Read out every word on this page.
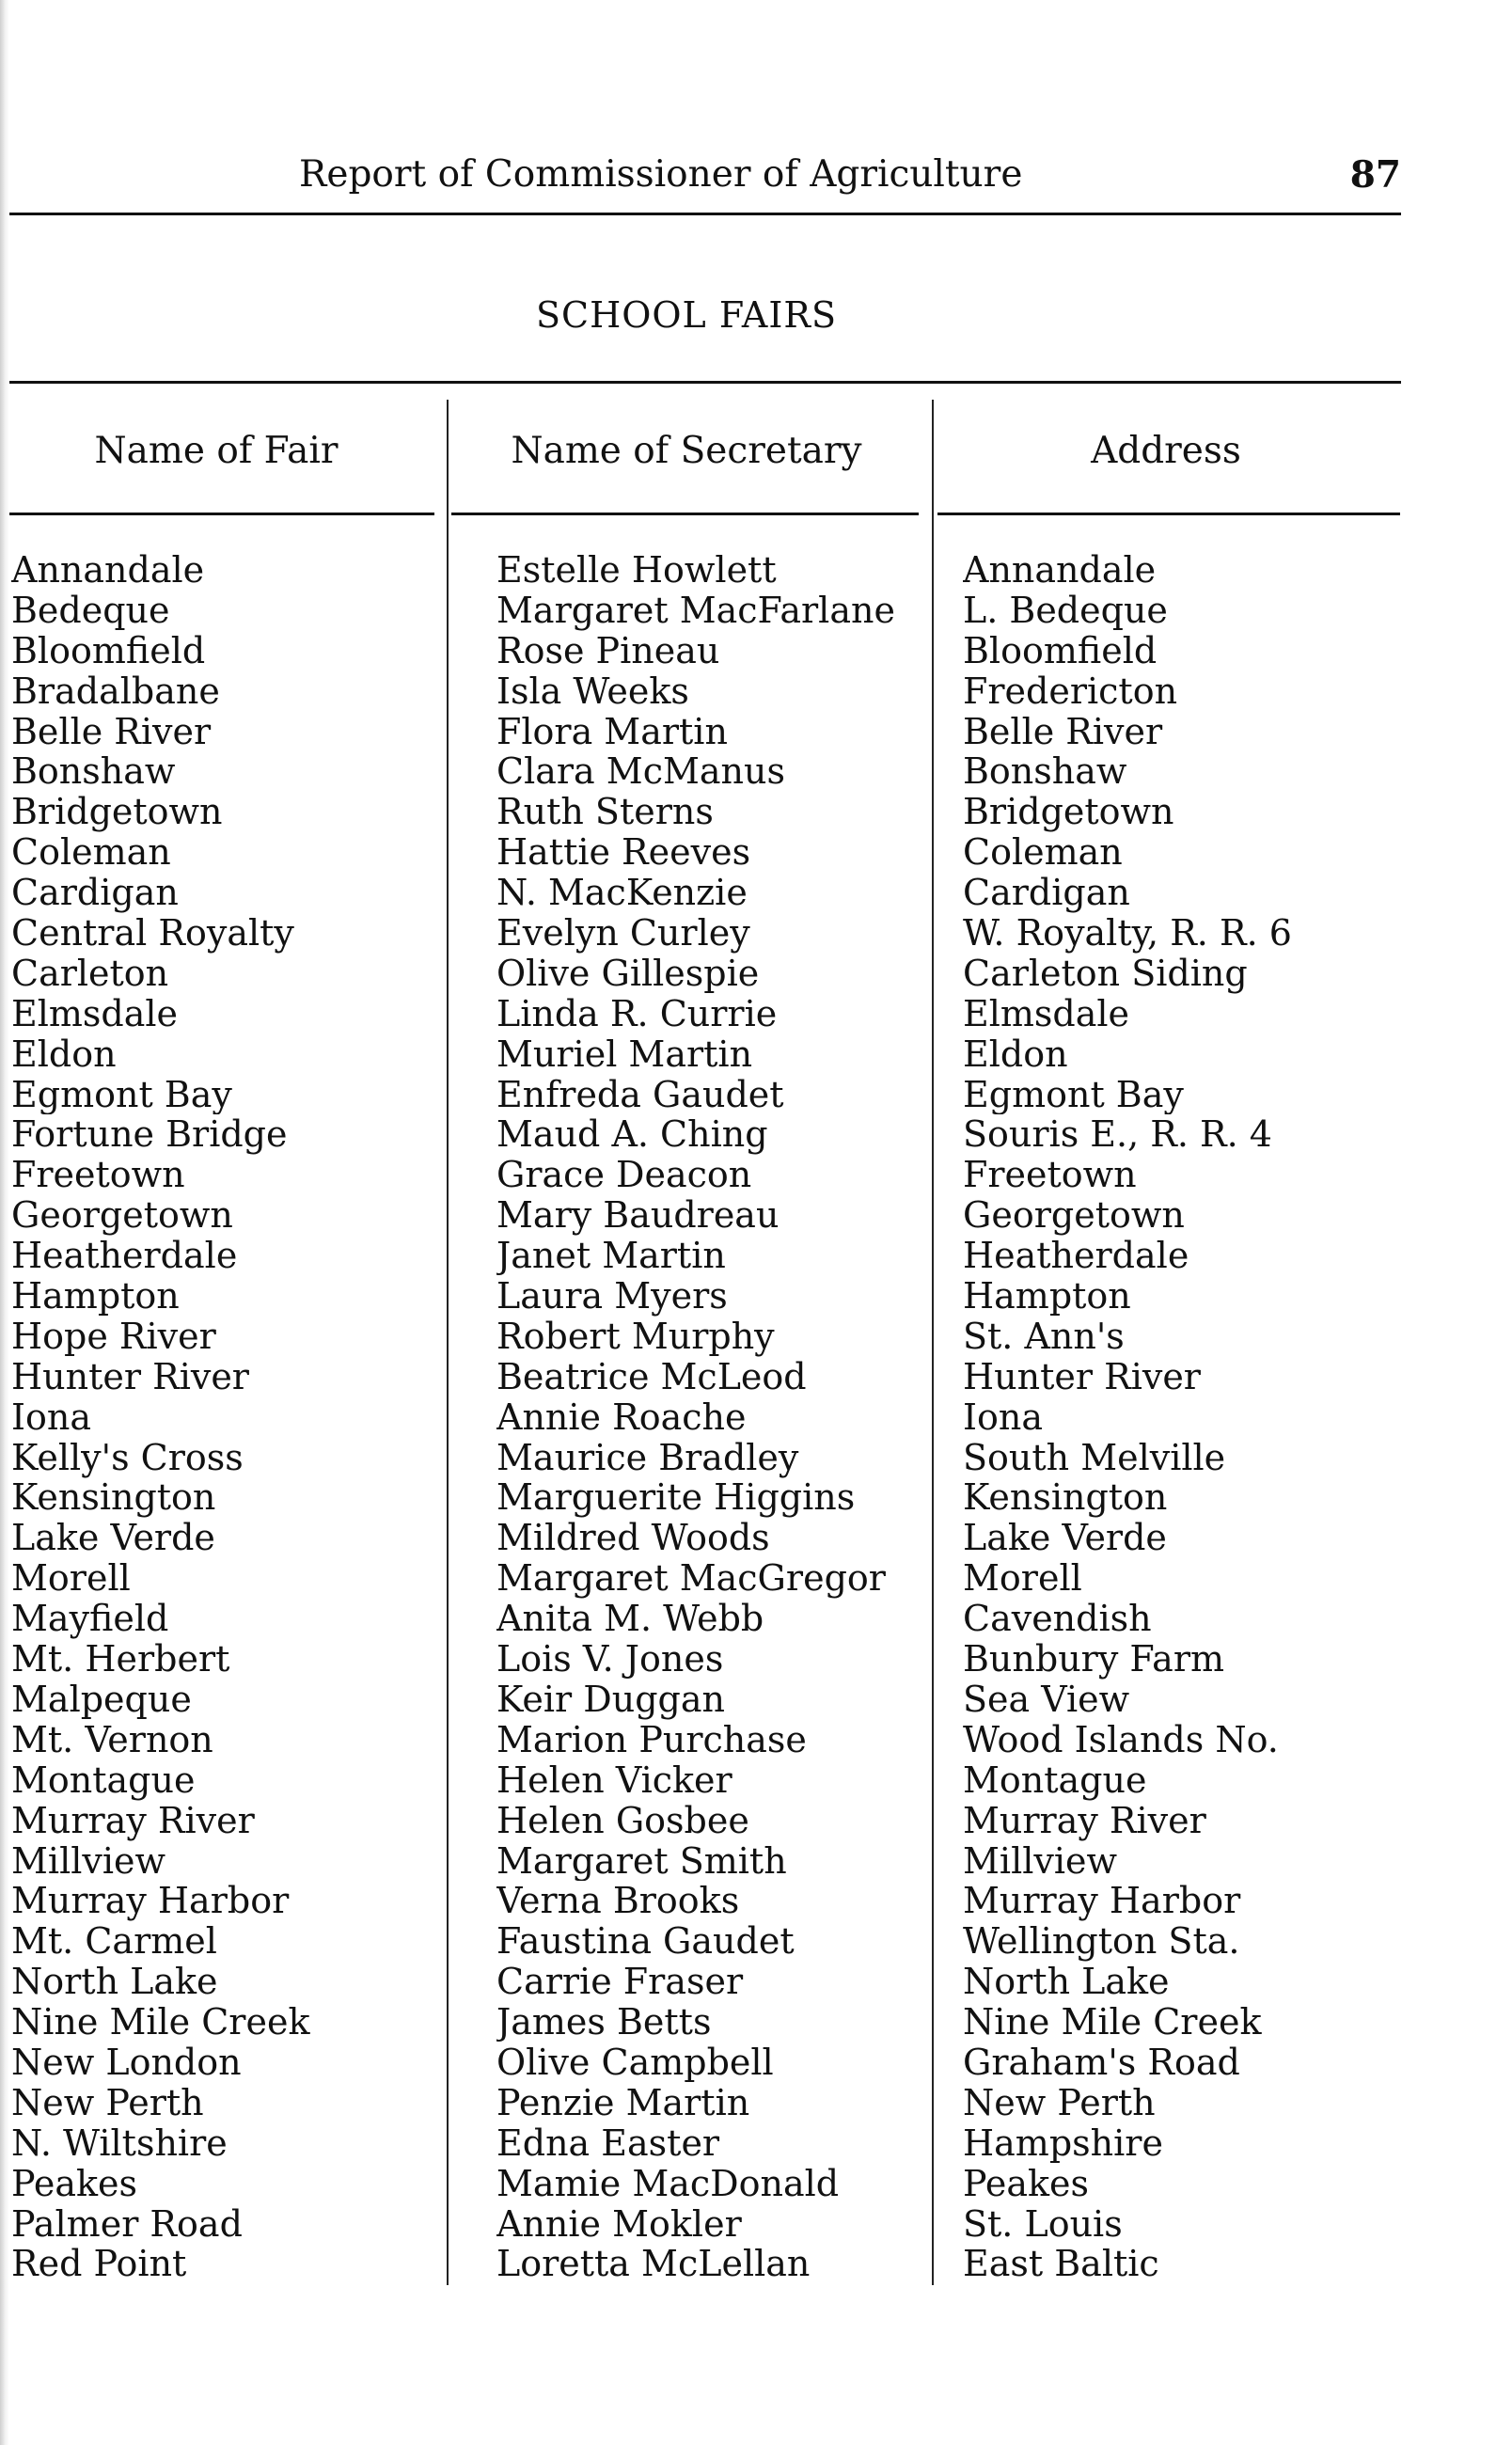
Report of Commissioner of Agriculture	87
SCHOOL FAIRS
Name of Fair	Name of Secretary	Address
Annandale	Estelle Howlett	Annandale
Bedeque	Margaret MacFarlane	L. Bedeque
Bloomfield	Rose Pineau	Bloomfield
Bradalbane	Isla Weeks	Fredericton
Belle River	Flora Martin	Belle River
Bonshaw	Clara McManus	Bonshaw
Bridgetown	Ruth Sterns	Bridgetown
Coleman	Hattie Reeves	Coleman
Cardigan	N. MacKenzie	Cardigan
Central Royalty	Evelyn Curley	W. Royalty, R. R. 6
Carleton	Olive Gillespie	Carleton Siding
Elmsdale	Linda R. Currie	Elmsdale
Eldon	Muriel Martin	Eldon
Egmont Bay	Enfreda Gaudet	Egmont Bay
Fortune Bridge	Maud A. Ching	Souris E., R. R. 4
Freetown	Grace Deacon	Freetown
Georgetown	Mary Baudreau	Georgetown
Heatherdale	Janet Martin	Heatherdale
Hampton	Laura Myers	Hampton
Hope River	Robert Murphy	St. Ann's
Hunter River	Beatrice McLeod	Hunter River
Iona	Annie Roache	Iona
Kelly's Cross	Maurice Bradley	South Melville
Kensington	Marguerite Higgins	Kensington
Lake Verde	Mildred Woods	Lake Verde
Morell	Margaret MacGregor	Morell
Mayfield	Anita M. Webb	Cavendish
Mt. Herbert	Lois V. Jones	Bunbury Farm
Malpeque	Keir Duggan	Sea View
Mt. Vernon	Marion Purchase	Wood Islands No.
Montague	Helen Vicker	Montague
Murray River	Helen Gosbee	Murray River
Millview	Margaret Smith	Millview
Murray Harbor	Verna Brooks	Murray Harbor
Mt. Carmel	Faustina Gaudet	Wellington Sta.
North Lake	Carrie Fraser	North Lake
Nine Mile Creek	James Betts	Nine Mile Creek
New London	Olive Campbell	Graham's Road
New Perth	Penzie Martin	New Perth
N. Wiltshire	Edna Easter	Hampshire
Peakes	Mamie MacDonald	Peakes
Palmer Road	Annie Mokler	St. Louis
Red Point	Loretta McLellan	East Baltic
